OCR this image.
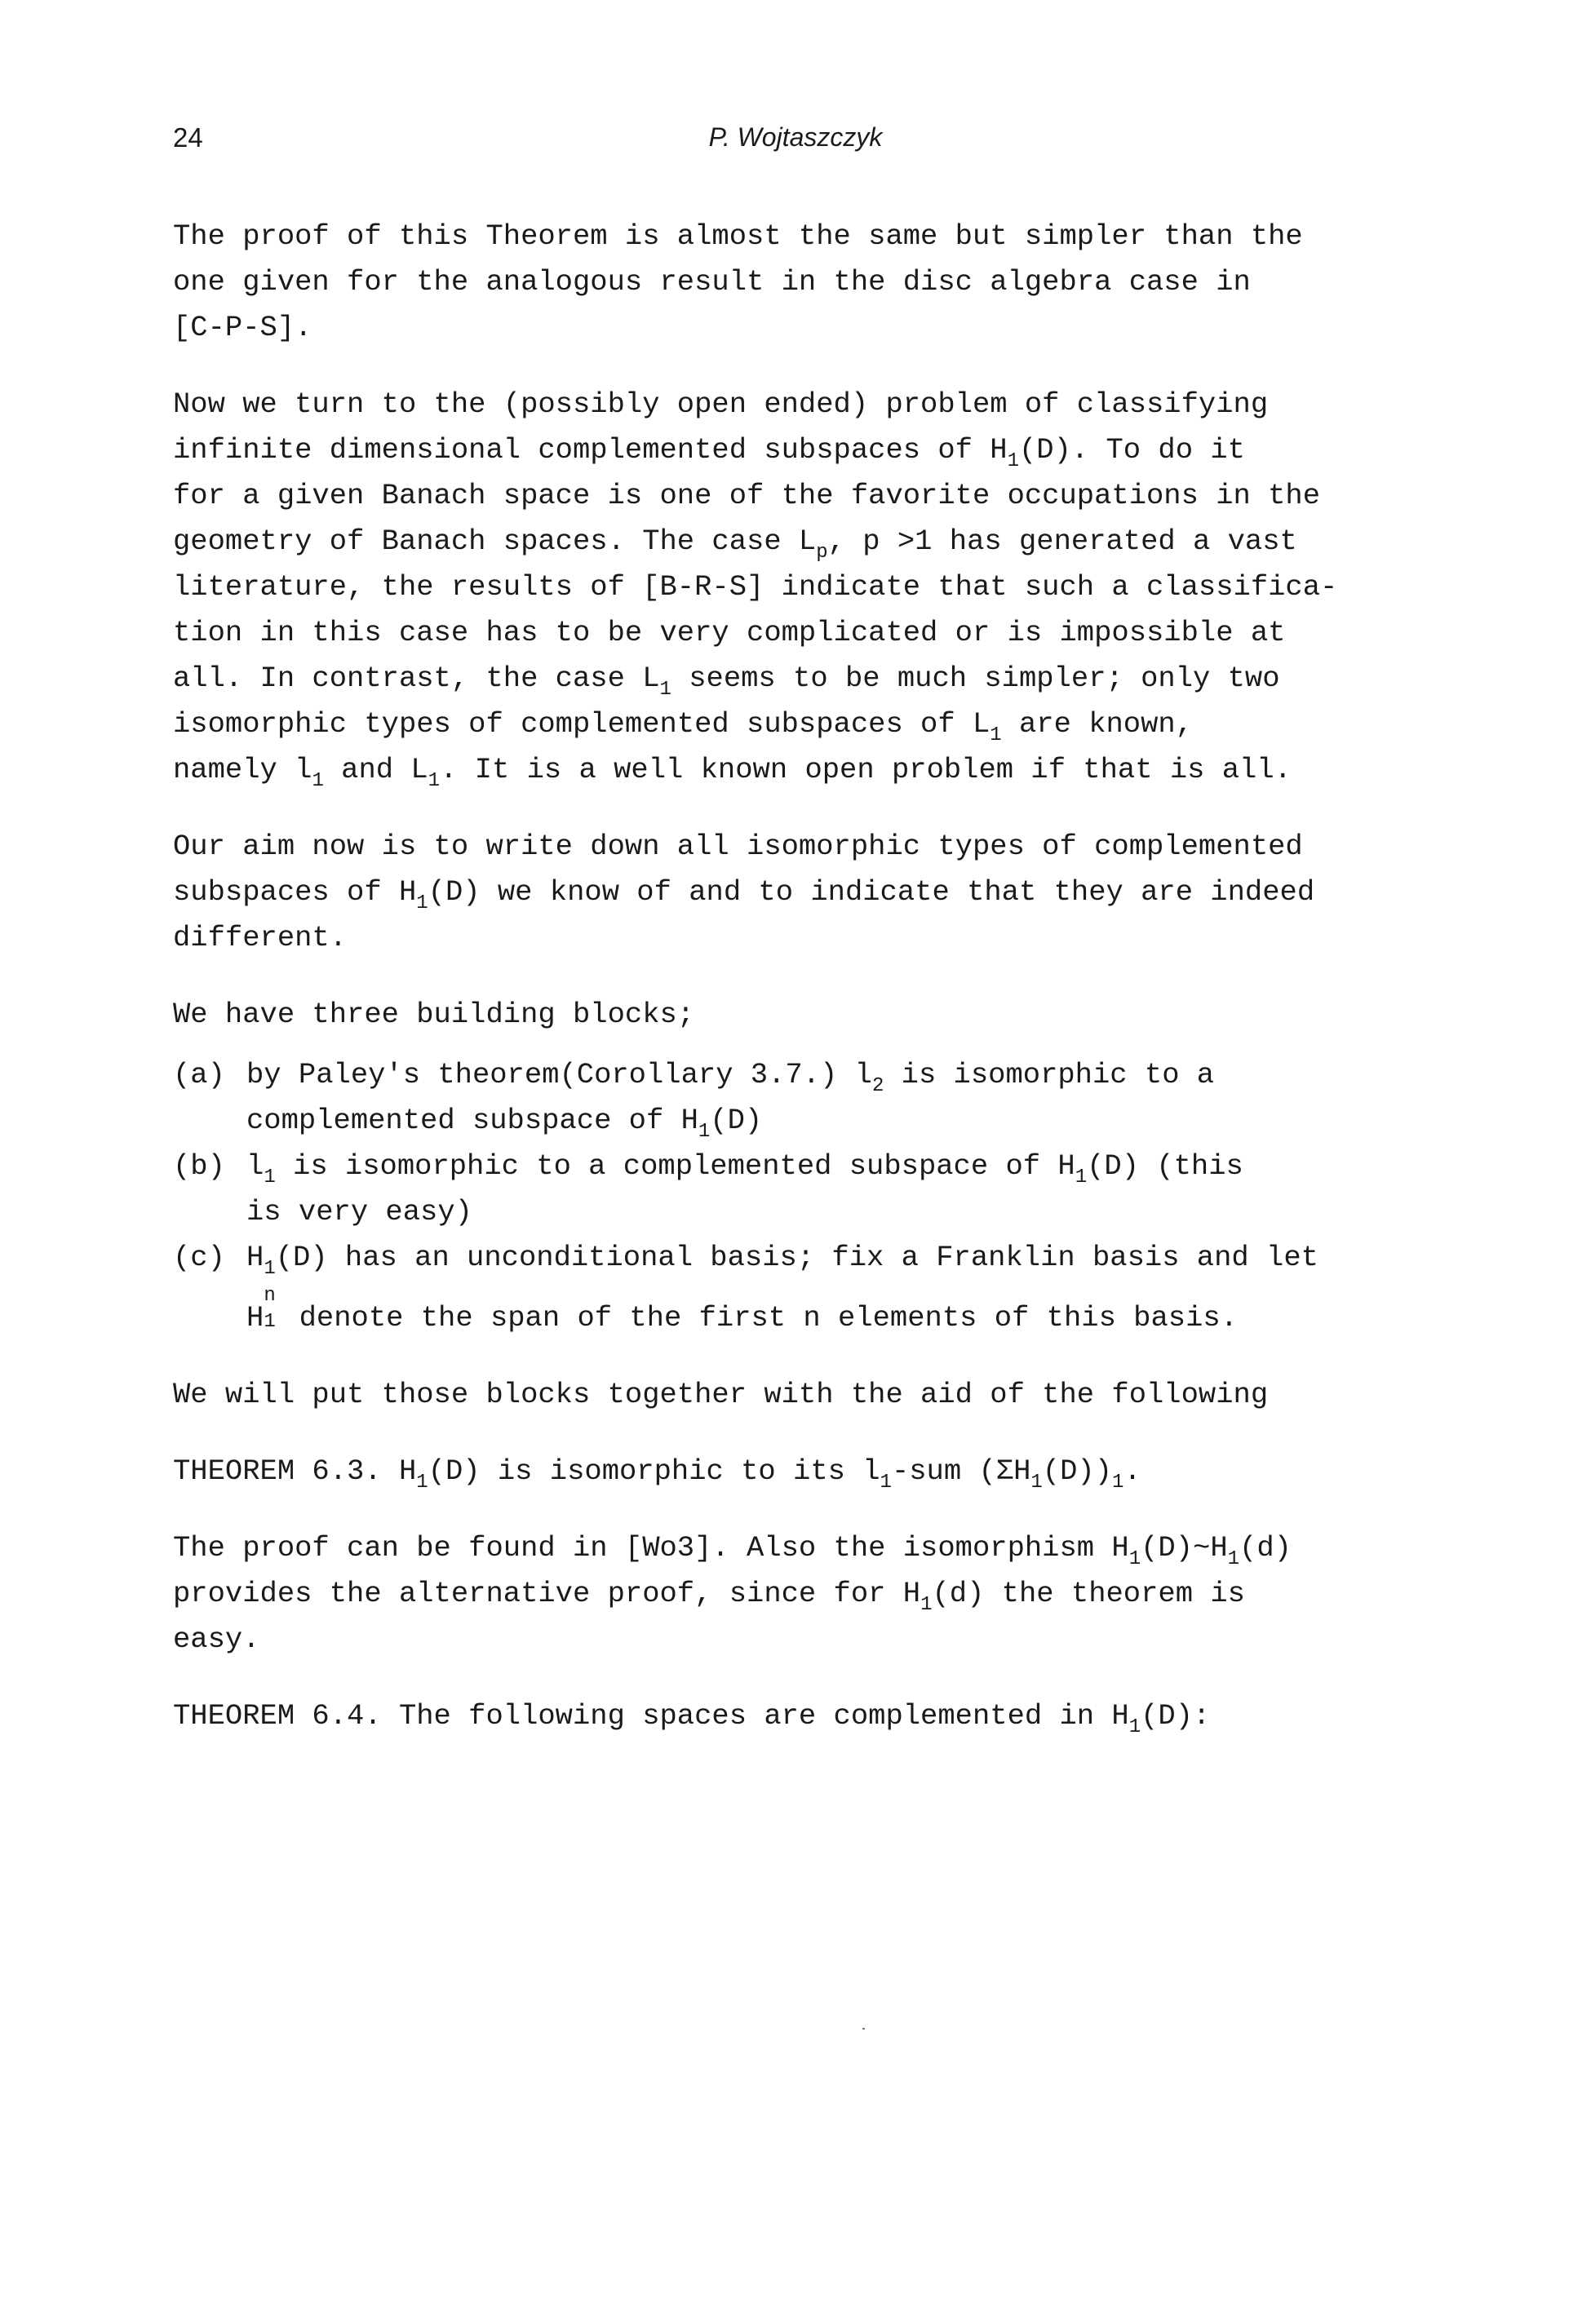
24	P. Wojtaszczyk
The proof of this Theorem is almost the same but simpler than the
one given for the analogous result in the disc algebra case in
[C-P-S].
Now we turn to the (possibly open ended) problem of classifying
infinite dimensional complemented subspaces of $H_1(D)$. To do it
for a given Banach space is one of the favorite occupations in the
geometry of Banach spaces. The case $L_p$, p >1 has generated a vast
literature, the results of [B-R-S] indicate that such a classifica-
tion in this case has to be very complicated or is impossible at
all. In contrast, the case $L_1$ seems to be much simpler; only two
isomorphic types of complemented subspaces of $L_1$ are known,
namely $l_1$ and $L_1$. It is a well known open problem if that is all.
Our aim now is to write down all isomorphic types of complemented
subspaces of $H_1(D)$ we know of and to indicate that they are indeed
different.
We have three building blocks;
(a) by Paley's theorem(Corollary 3.7.) $l_2$ is isomorphic to a
complemented subspace of $H_1(D)$
(b) $l_1$ is isomorphic to a complemented subspace of $H_1(D)$ (this
is very easy)
(c) $H_1(D)$ has an unconditional basis; fix a Franklin basis and let
H
n
1 denote the span of the first n elements of this basis.
We will put those blocks together with the aid of the following
THEOREM 6.3. $H_1(D)$ is isomorphic to its $l_1$-sum $(\Sigma H_1(D))_1$.
The proof can be found in [Wo3]. Also the isomorphism $H_1(D)\sim H_1(d)$
provides the alternative proof, since for $H_1(d)$ the theorem is
easy.
THEOREM 6.4. The following spaces are complemented in $H_1(D)$:
